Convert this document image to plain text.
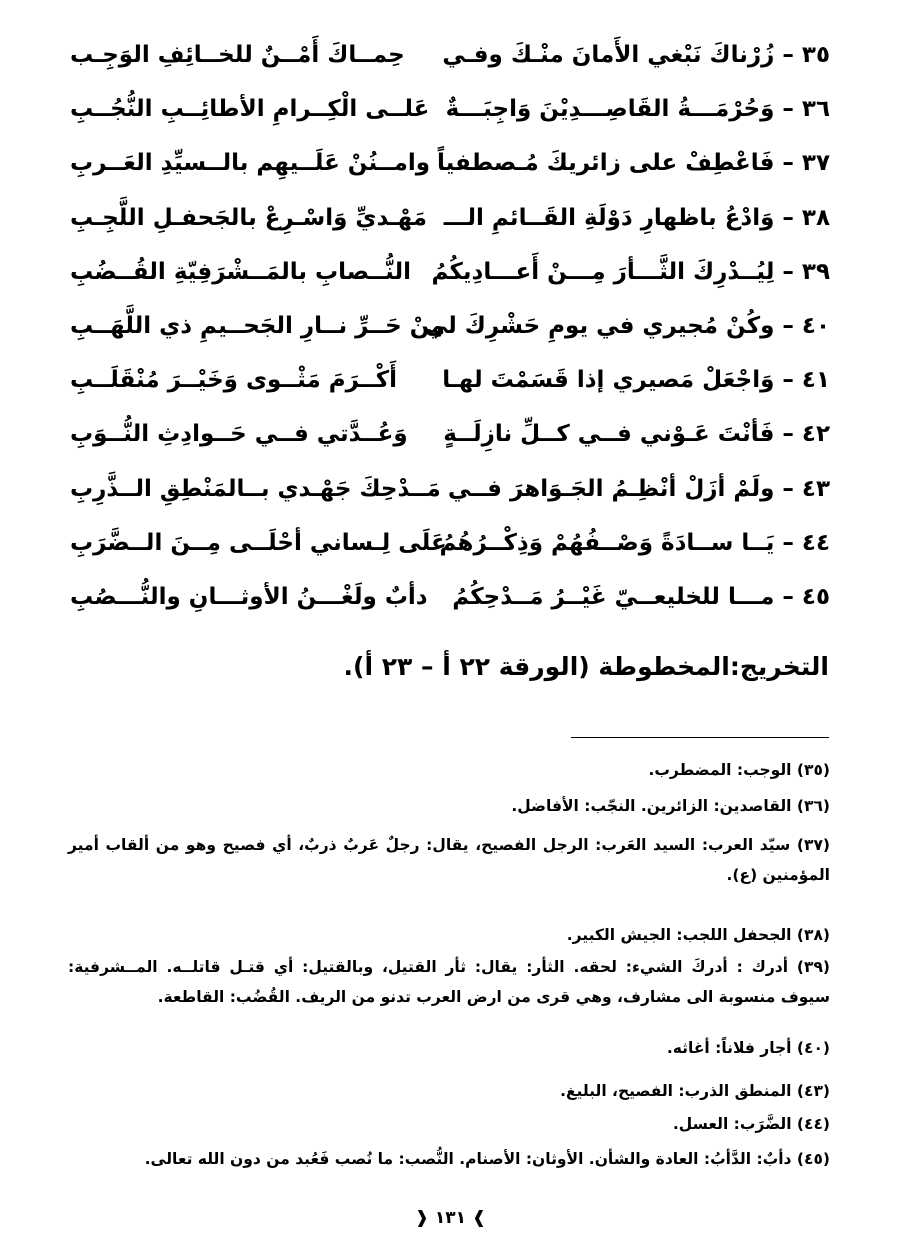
٣٥ – زُرْناكَ نَبْغي الأَمانَ منْـكَ وفـي
حِمــاكَ أَمْــنٌ للخــائِفِ الوَجِـب
٣٦ – وَحُرْمَـــةُ القَاصِـــدِيْنَ وَاجِبَـــةٌ
عَلــى الْكِــرامِ الأطائِــبِ النُّجُــبِ
٣٧ – فَاعْطِفْ على زائريكَ مُـصطفياً
وامــنُنْ عَلَــيهِم بالــسيِّدِ العَــربِ
٣٨ – وَادْعُ باظهارِ دَوْلَةِ القَــائمِ الـــ
مَهْـديِّ وَاسْـرِعْ بالجَحفـلِ اللَّجِـبِ
٣٩ – لِيُــدْرِكَ الثَّـــأرَ مِـــنْ أَعـــادِيكُمُ
النُّــصابِ بالمَــشْرَفِيّةِ القُــضُبِ
٤٠ – وكُنْ مُجيري في يومِ حَشْرِكَ لي
مِنْ حَــرِّ نــارِ الجَحــيمِ ذي اللَّهَــبِ
٤١ – وَاجْعَلْ مَصيري إذا قَسَمْتَ لهـا
أَكْــرَمَ مَثْــوى وَخَيْــرَ مُنْقَلَــبِ
٤٢ – فَأنْتَ عَـوْني فــي كــلِّ نازِلَــةٍ
وَعُــدَّتي فــي حَــوادِثِ النُّــوَبِ
٤٣ – ولَمْ أزَلْ أنْظِـمُ الجَـوَاهرَ فــي
مَــدْحِكَ جَهْـدي بــالمَنْطِقِ الــذَّرِبِ
٤٤ – يَــا ســادَةً وَصْــفُهُمْ وَذِكْــرُهُمُ
عَلَى لِـساني أحْلَــى مِــنَ الــضَّرَبِ
٤٥ – مـــا للخليعــيّ غَيْــرُ مَــدْحِكُمُ
دأبٌ ولَغْـــنُ الأوثـــانِ والنُّـــصُبِ
التخريج:المخطوطة (الورقة ٢٢ أ – ٢٣ أ).
(٣٥) الوجب: المضطرب.
(٣٦) القاصدين: الزائرين. النجّب: الأفاضل.
(٣٧) سيّد العرب: السيد العَرب: الرجل الفصيح، يقال: رجلٌ عَربٌ ذربٌ، أي فصيح وهو من ألقاب أمير المؤمنين (ع).
(٣٨) الجحفل اللجب: الجيش الكبير.
(٣٩) أدرك : أدركَ الشيء: لحقه. الثأر: يقال: ثأر القتيل، وبالقتيل: أي قتـل قاتلــه. المــشرفية: سيوف منسوبة الى مشارف، وهي قرى من ارض العرب تدنو من الريف. القُضُب: القاطعة.
(٤٠) أجار فلاناً: أغاثه.
(٤٣) المنطق الذرب: الفصيح، البليغ.
(٤٤) الضَّرَب: العسل.
(٤٥) دأبٌ: الدَّأبُ: العادة والشأن. الأوثان: الأصنام. النُّصب: ما نُصب فَعُبد من دون الله تعالى.
❱ ١٣١ ❰
